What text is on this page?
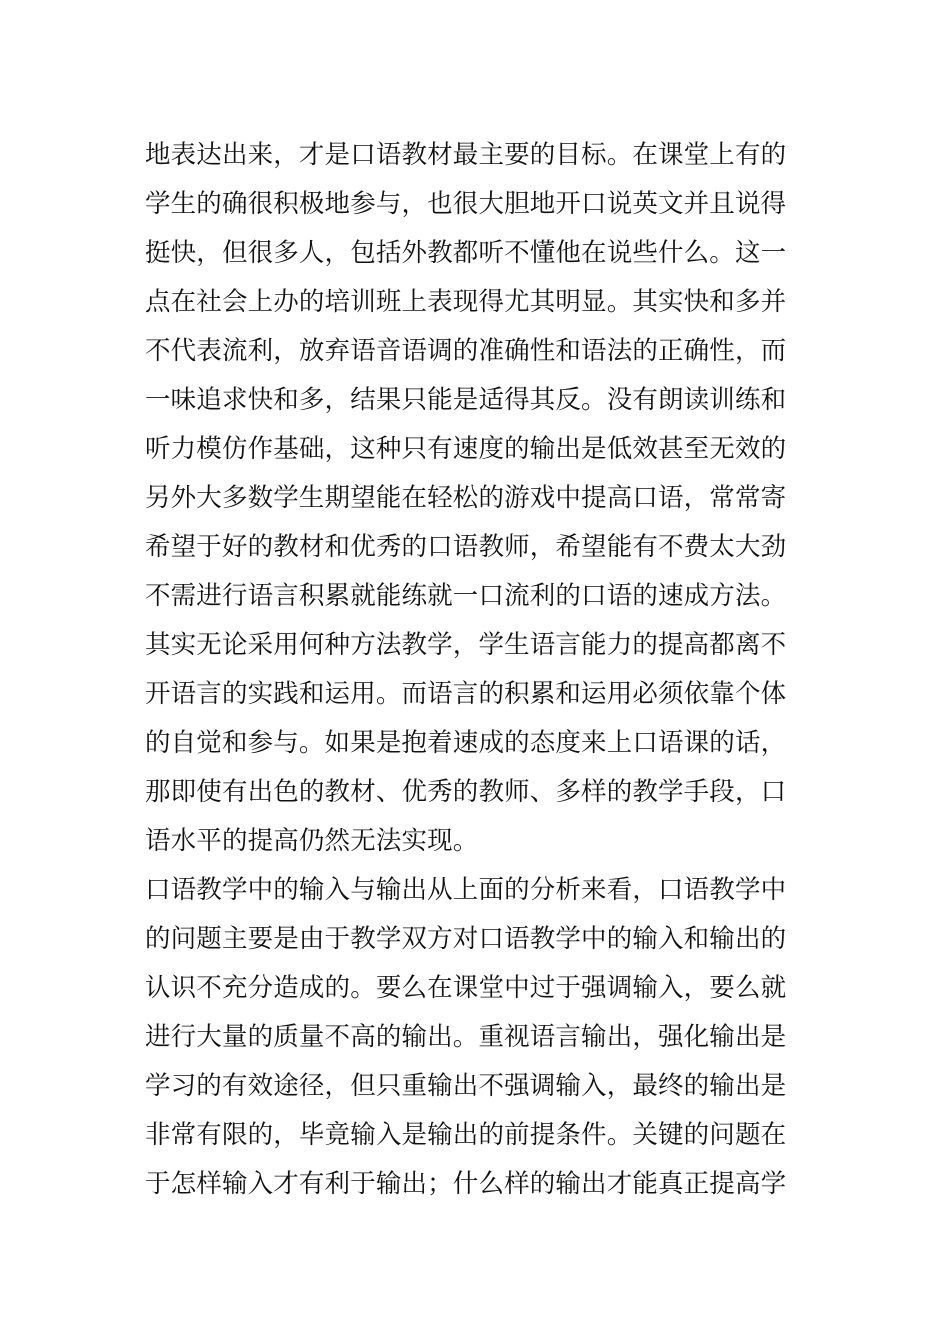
地表达出来，才是口语教材最主要的目标。在课堂上有的
学生的确很积极地参与，也很大胆地开口说英文并且说得
挺快，但很多人，包括外教都听不懂他在说些什么。这一
点在社会上办的培训班上表现得尤其明显。其实快和多并
不代表流利，放弃语音语调的准确性和语法的正确性，而
一味追求快和多，结果只能是适得其反。没有朗读训练和
听力模仿作基础，这种只有速度的输出是低效甚至无效的
另外大多数学生期望能在轻松的游戏中提高口语，常常寄
希望于好的教材和优秀的口语教师，希望能有不费太大劲
不需进行语言积累就能练就一口流利的口语的速成方法。
其实无论采用何种方法教学，学生语言能力的提高都离不
开语言的实践和运用。而语言的积累和运用必须依靠个体
的自觉和参与。如果是抱着速成的态度来上口语课的话，
那即使有出色的教材、优秀的教师、多样的教学手段，口
语水平的提高仍然无法实现。
口语教学中的输入与输出从上面的分析来看，口语教学中
的问题主要是由于教学双方对口语教学中的输入和输出的
认识不充分造成的。要么在课堂中过于强调输入，要么就
进行大量的质量不高的输出。重视语言输出，强化输出是
学习的有效途径，但只重输出不强调输入，最终的输出是
非常有限的，毕竟输入是输出的前提条件。关键的问题在
于怎样输入才有利于输出；什么样的输出才能真正提高学
